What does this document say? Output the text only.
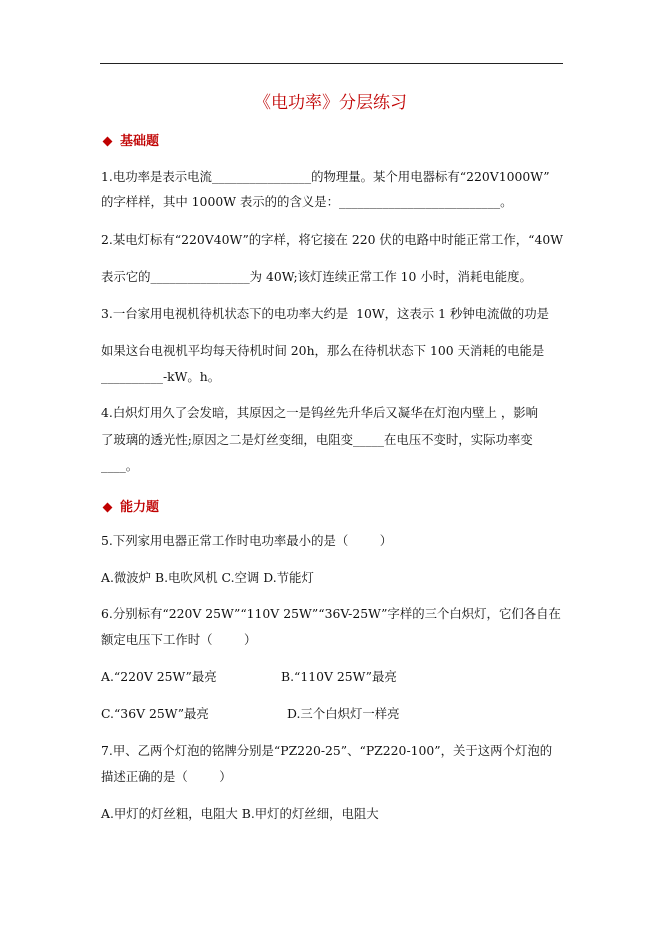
《电功率》分层练习
基础题
1.电功率是表示电流________________的物理量。某个用电器标有“220V1000W”
的字样样，其中 1000W 表示的的含义是：__________________________。
2.某电灯标有“220V40W”的字样，将它接在 220 伏的电路中时能正常工作，“40W
表示它的________________为 40W;该灯连续正常工作 10 小时，消耗电能度。
3.一台家用电视机待机状态下的电功率大约是  10W，这表示 1 秒钟电流做的功是
如果这台电视机平均每天待机时间 20h，那么在待机状态下 100 天消耗的电能是
__________-kW。h。
4.白炽灯用久了会发暗，其原因之一是钨丝先升华后又凝华在灯泡内壁上 ，影响
了玻璃的透光性;原因之二是灯丝变细，电阻变_____在电压不变时，实际功率变
____。
能力题
5.下列家用电器正常工作时电功率最小的是（        ）
A.微波炉 B.电吹风机 C.空调 D.节能灯
6.分别标有“220V 25W”“110V 25W”“36V-25W”字样的三个白炽灯，它们各自在
额定电压下工作时（        ）
A.“220V 25W”最亮	B.“110V 25W”最亮
C.“36V 25W”最亮	D.三个白炽灯一样亮
7.甲、乙两个灯泡的铭牌分别是“PZ220-25”、“PZ220-100”，关于这两个灯泡的
描述正确的是（        ）
A.甲灯的灯丝粗，电阻大 B.甲灯的灯丝细，电阻大
